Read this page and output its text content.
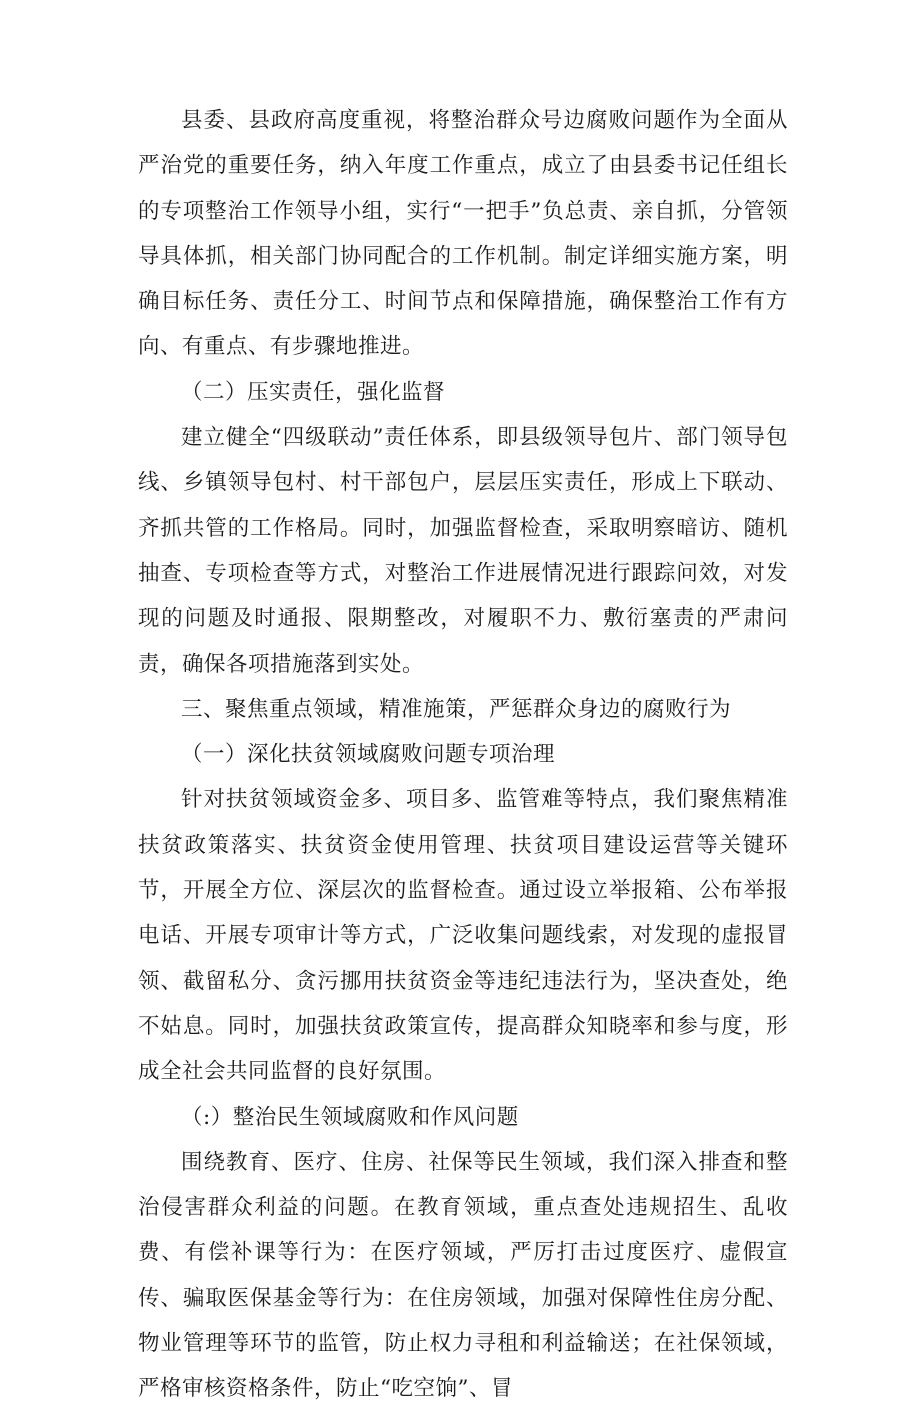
县委、县政府高度重视，将整治群众号边腐败问题作为全面从严治党的重要任务，纳入年度工作重点，成立了由县委书记任组长的专项整治工作领导小组，实行“一把手”负总责、亲自抓，分管领导具体抓，相关部门协同配合的工作机制。制定详细实施方案，明确目标任务、责任分工、时间节点和保障措施，确保整治工作有方向、有重点、有步骤地推进。

（二）压实责任，强化监督

建立健全“四级联动”责任体系，即县级领导包片、部门领导包线、乡镇领导包村、村干部包户，层层压实责任，形成上下联动、齐抓共管的工作格局。同时，加强监督检查，采取明察暗访、随机抽查、专项检查等方式，对整治工作进展情况进行跟踪问效，对发现的问题及时通报、限期整改，对履职不力、敷衍塞责的严肃问责，确保各项措施落到实处。

三、聚焦重点领域，精准施策，严惩群众身边的腐败行为

（一）深化扶贫领域腐败问题专项治理

针对扶贫领域资金多、项目多、监管难等特点，我们聚焦精准扶贫政策落实、扶贫资金使用管理、扶贫项目建设运营等关键环节，开展全方位、深层次的监督检查。通过设立举报箱、公布举报电话、开展专项审计等方式，广泛收集问题线索，对发现的虚报冒领、截留私分、贪污挪用扶贫资金等违纪违法行为，坚决查处，绝不姑息。同时，加强扶贫政策宣传，提高群众知晓率和参与度，形成全社会共同监督的良好氛围。

（:）整治民生领域腐败和作风问题

围绕教育、医疗、住房、社保等民生领域，我们深入排查和整治侵害群众利益的问题。在教育领域，重点查处违规招生、乱收费、有偿补课等行为：在医疗领域，严厉打击过度医疗、虚假宣传、骗取医保基金等行为：在住房领域，加强对保障性住房分配、物业管理等环节的监管，防止权力寻租和利益输送；在社保领域，严格审核资格条件，防止“吃空饷”、冒
